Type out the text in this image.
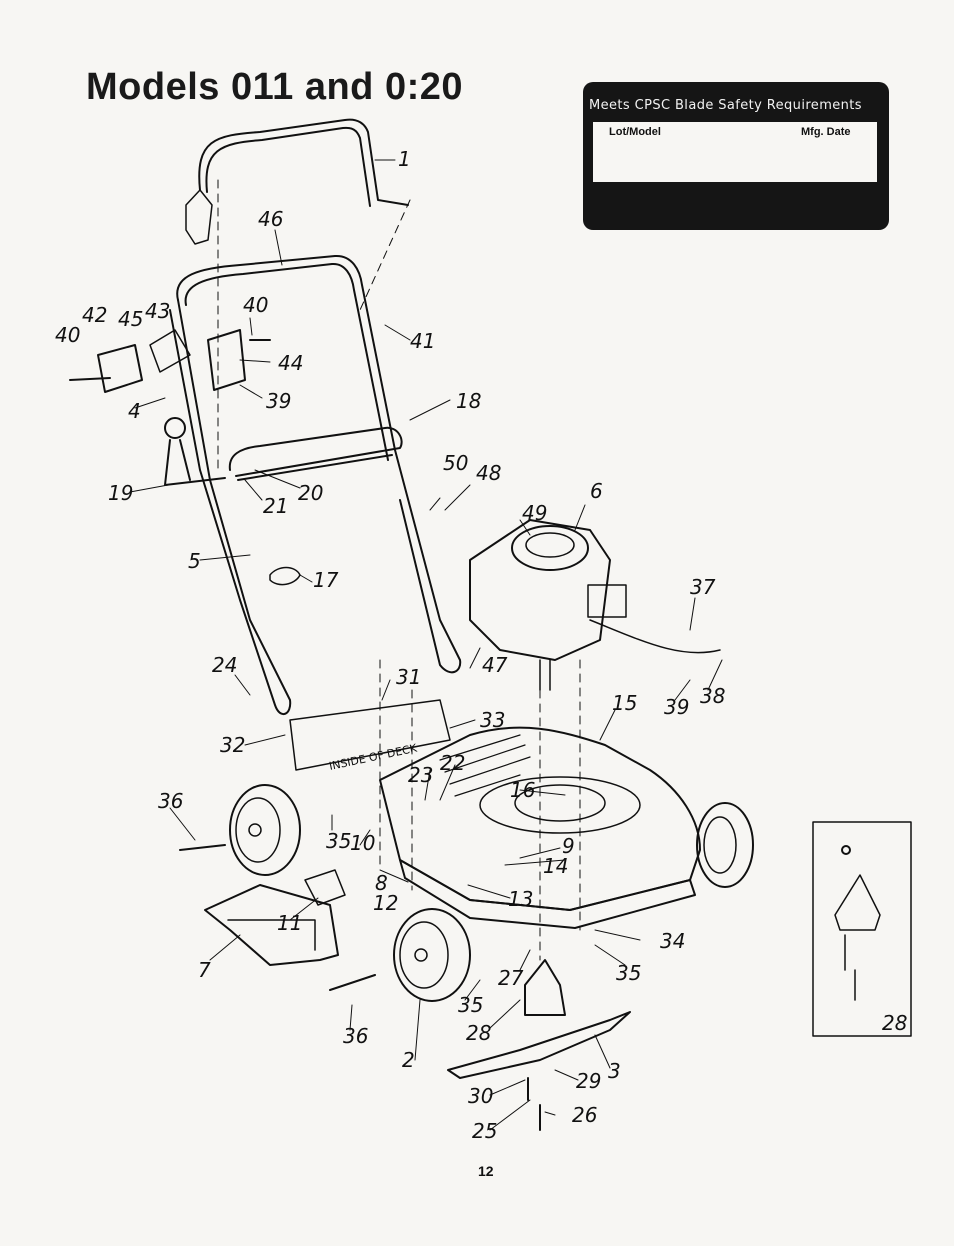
Models 011 and 0:20	Meets CPSC Blade Safety Requirements
Lot/Model	Mfg. Date
INSIDE OF DECK
1
46
40
40	41
42 45 43
44
39
4	18
19
21
20
50 48
6
49
5
17	37
24	31	47
15 39 38
33
32
23 22
16
36
35
10	9
14
8
12	13
11
7
34
35
27
35
36	28
2	3
29
30
26
25
28
12
